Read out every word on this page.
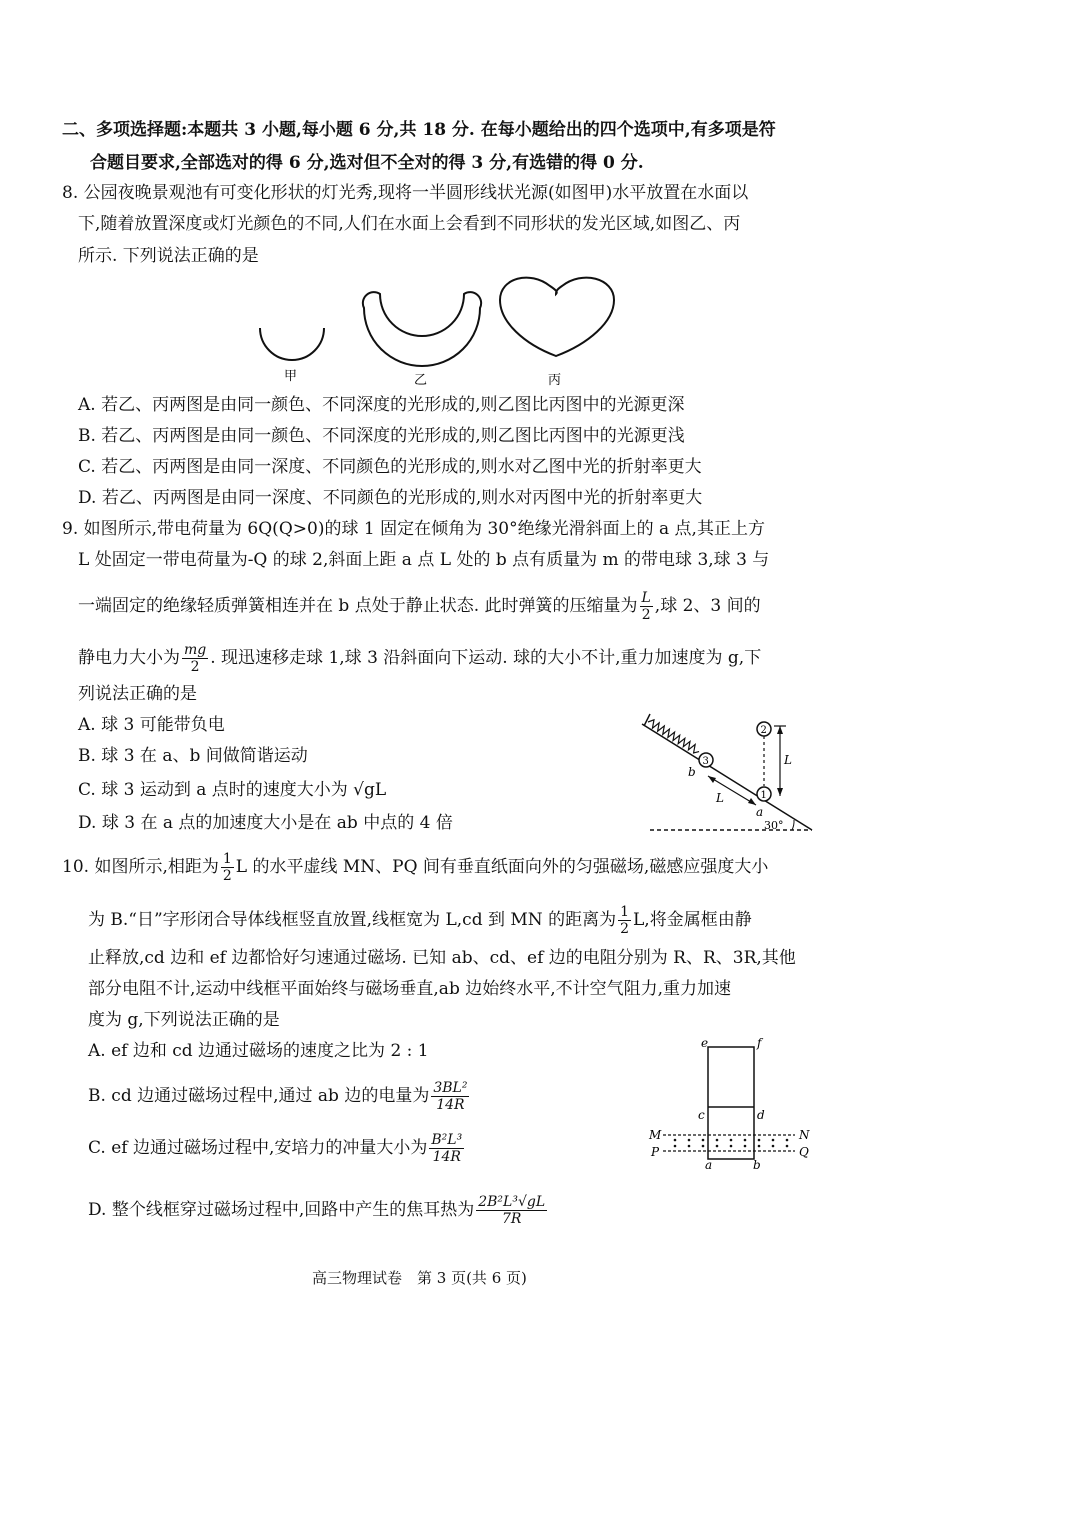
二、多项选择题:本题共 3 小题,每小题 6 分,共 18 分. 在每小题给出的四个选项中,有多项是符
合题目要求,全部选对的得 6 分,选对但不全对的得 3 分,有选错的得 0 分.
8. 公园夜晚景观池有可变化形状的灯光秀,现将一半圆形线状光源(如图甲)水平放置在水面以
下,随着放置深度或灯光颜色的不同,人们在水面上会看到不同形状的发光区域,如图乙、丙
所示. 下列说法正确的是
甲	乙	丙
A. 若乙、丙两图是由同一颜色、不同深度的光形成的,则乙图比丙图中的光源更深
B. 若乙、丙两图是由同一颜色、不同深度的光形成的,则乙图比丙图中的光源更浅
C. 若乙、丙两图是由同一深度、不同颜色的光形成的,则水对乙图中光的折射率更大
D. 若乙、丙两图是由同一深度、不同颜色的光形成的,则水对丙图中光的折射率更大
9. 如图所示,带电荷量为 6Q(Q>0)的球 1 固定在倾角为 30°绝缘光滑斜面上的 a 点,其正上方
L 处固定一带电荷量为-Q 的球 2,斜面上距 a 点 L 处的 b 点有质量为 m 的带电球 3,球 3 与
一端固定的绝缘轻质弹簧相连并在 b 点处于静止状态. 此时弹簧的压缩量为 $\frac{L}{2}$ ,球 2、3 间的
静电力大小为 $\frac{mg}{2}$ . 现迅速移走球 1,球 3 沿斜面向下运动. 球的大小不计,重力加速度为 g,下
列说法正确的是
A. 球 3 可能带负电
B. 球 3 在 a、b 间做简谐运动
C. 球 3 运动到 a 点时的速度大小为 √gL
D. 球 3 在 a 点的加速度大小是在 ab 中点的 4 倍
3
b
L	1
a
2
L
30°
10. 如图所示,相距为 $\frac{1}{2}$ L 的水平虚线 MN、PQ 间有垂直纸面向外的匀强磁场,磁感应强度大小
为 B.“日”字形闭合导体线框竖直放置,线框宽为 L,cd 到 MN 的距离为 $\frac{1}{2} L$,将金属框由静
止释放,cd 边和 ef 边都恰好匀速通过磁场. 已知 ab、cd、ef 边的电阻分别为 R、R、3R,其他
部分电阻不计,运动中线框平面始终与磁场垂直,ab 边始终水平,不计空气阻力,重力加速
度为 g,下列说法正确的是
A. ef 边和 cd 边通过磁场的速度之比为 2 : 1
B. cd 边通过磁场过程中,通过 ab 边的电量为 $\frac{\text{3BL²}}{14R}$
C. ef 边通过磁场过程中,安培力的冲量大小为 $\frac{\text{B²L³}}{14R}$
D. 整个线框穿过磁场过程中,回路中产生的焦耳热为 $\frac{\text{2B²L³√gL}}{7R}$
e	f
c	d
a	b
M	N
P	Q
高三物理试卷　第 3 页(共 6 页)
